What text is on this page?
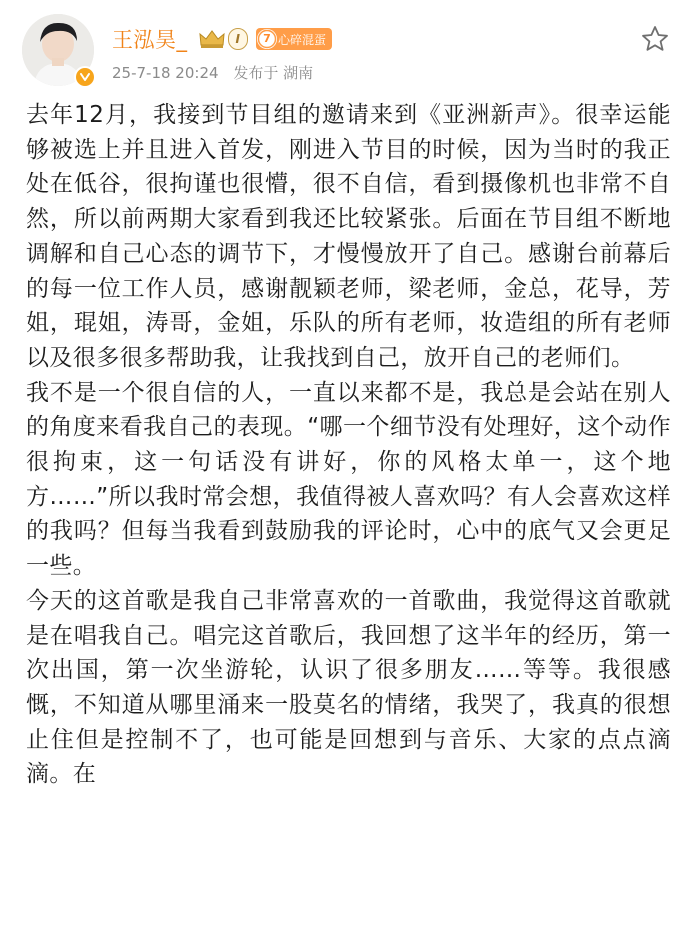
王泓昊_	I	7 心碎混蛋
25-7-18 20:24 发布于 湖南

去年12月，我接到节目组的邀请来到《亚洲新声》。很幸运能够被选上并且进入首发，刚进入节目的时候，因为当时的我正处在低谷，很拘谨也很懵，很不自信，看到摄像机也非常不自然，所以前两期大家看到我还比较紧张。后面在节目组不断地调解和自己心态的调节下，才慢慢放开了自己。感谢台前幕后的每一位工作人员，感谢靓颖老师，梁老师，金总，花导，芳姐，琨姐，涛哥，金姐，乐队的所有老师，妆造组的所有老师以及很多很多帮助我，让我找到自己，放开自己的老师们。

我不是一个很自信的人，一直以来都不是，我总是会站在别人的角度来看我自己的表现。“哪一个细节没有处理好，这个动作很拘束，这一句话没有讲好，你的风格太单一，这个地方……”所以我时常会想，我值得被人喜欢吗？有人会喜欢这样的我吗？但每当我看到鼓励我的评论时，心中的底气又会更足一些。

今天的这首歌是我自己非常喜欢的一首歌曲，我觉得这首歌就是在唱我自己。唱完这首歌后，我回想了这半年的经历，第一次出国，第一次坐游轮，认识了很多朋友……等等。我很感慨，不知道从哪里涌来一股莫名的情绪，我哭了，我真的很想止住但是控制不了，也可能是回想到与音乐、大家的点点滴滴。在
